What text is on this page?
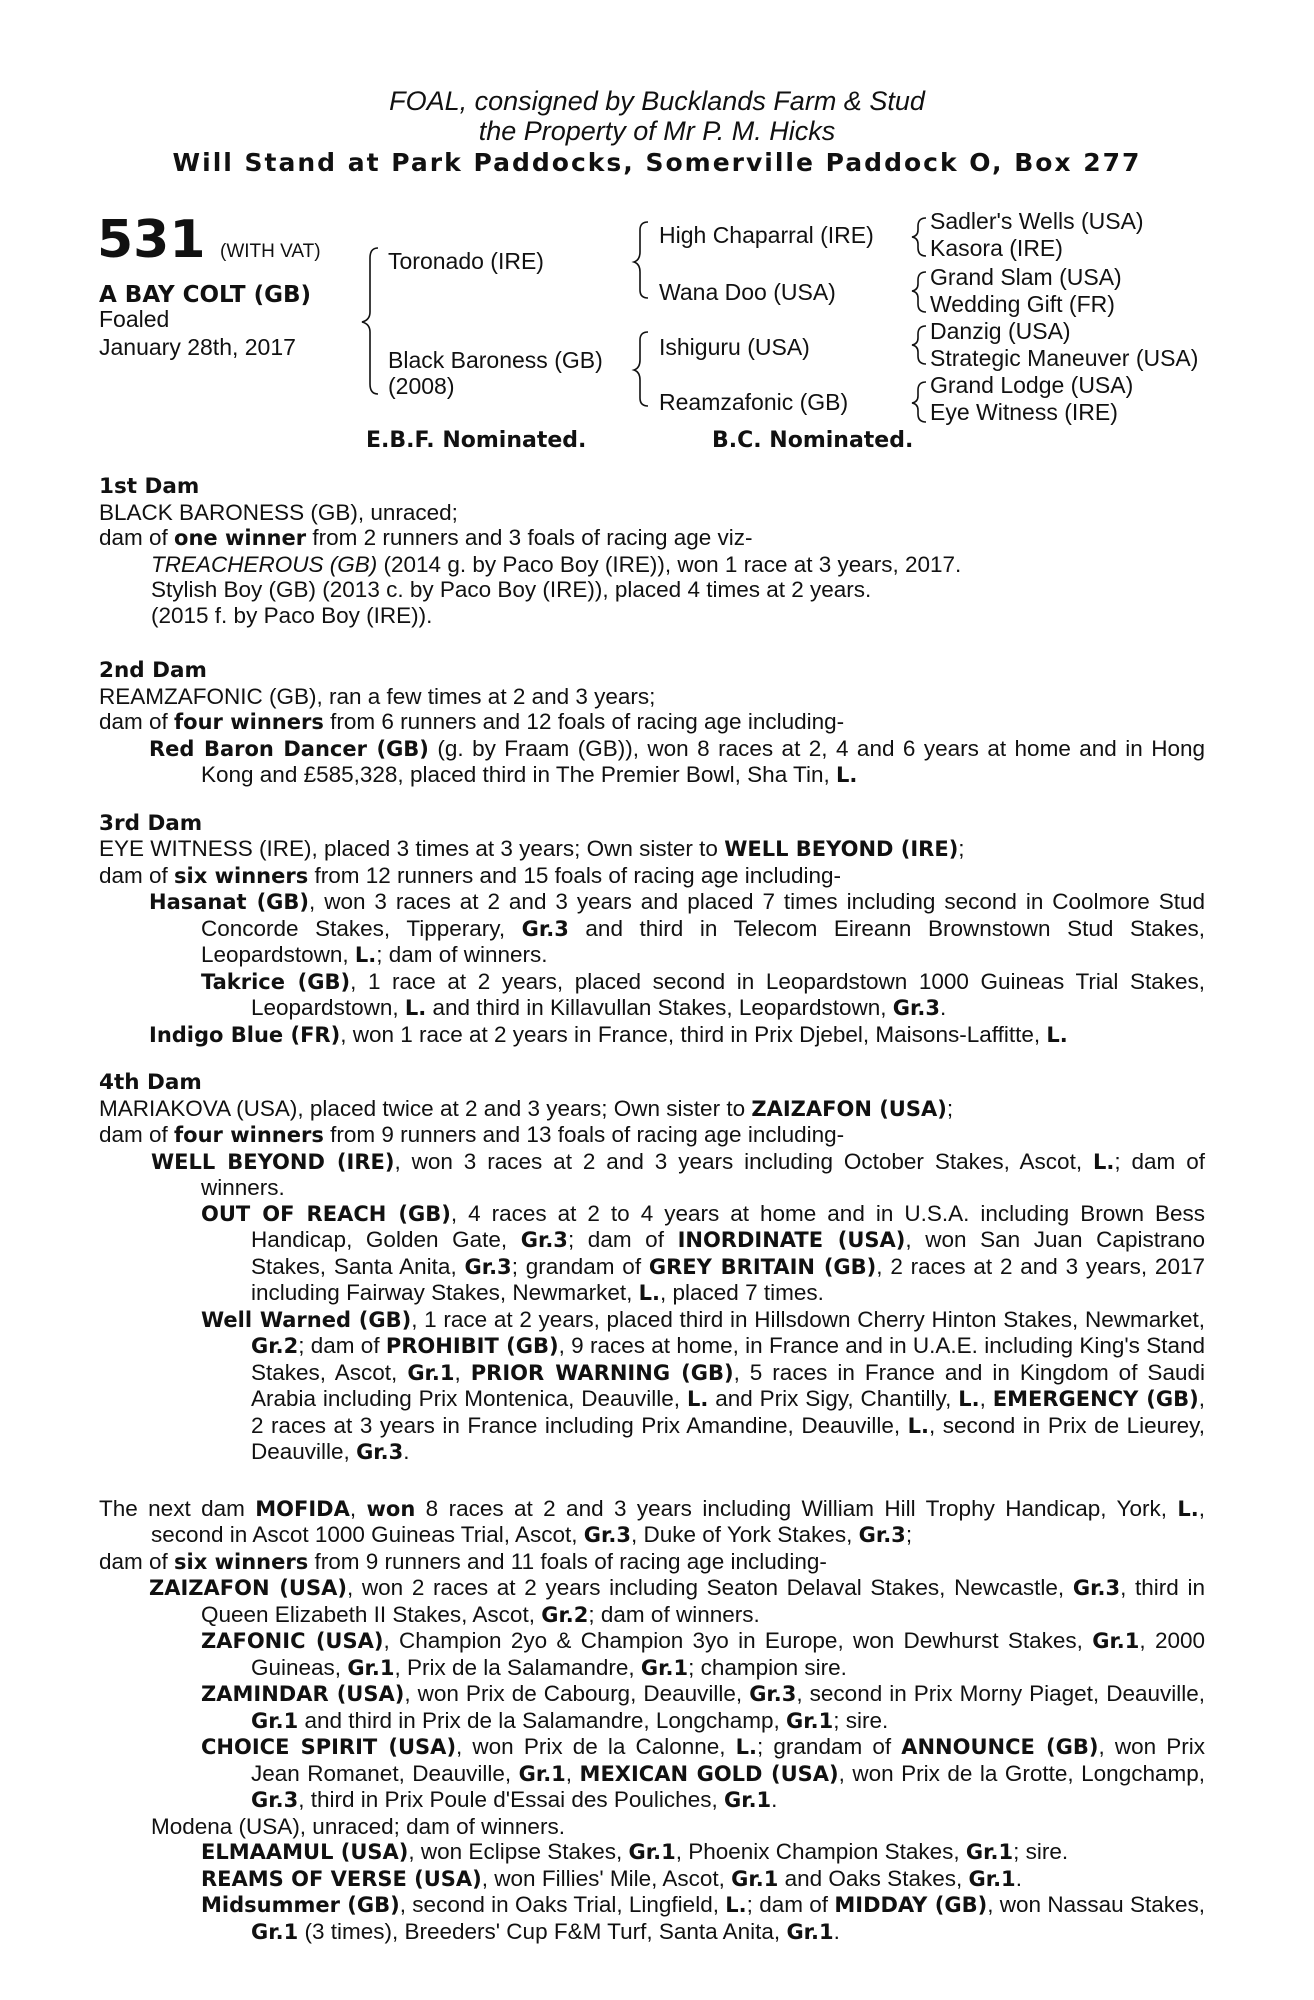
FOAL, consigned by Bucklands Farm & Stud
the Property of Mr P. M. Hicks
Will Stand at Park Paddocks, Somerville Paddock O, Box 277
531 (WITH VAT)
A BAY COLT (GB)
Foaled
January 28th, 2017
Toronado (IRE)
Black Baroness (GB)
(2008)
High Chaparral (IRE)
Wana Doo (USA)
Ishiguru (USA)
Reamzafonic (GB)
Sadler's Wells (USA)
Kasora (IRE)
Grand Slam (USA)
Wedding Gift (FR)
Danzig (USA)
Strategic Maneuver (USA)
Grand Lodge (USA)
Eye Witness (IRE)
E.B.F. Nominated.	B.C. Nominated.
1st Dam
BLACK BARONESS (GB), unraced;
dam of one winner from 2 runners and 3 foals of racing age viz-
TREACHEROUS (GB) (2014 g. by Paco Boy (IRE)), won 1 race at 3 years, 2017.
Stylish Boy (GB) (2013 c. by Paco Boy (IRE)), placed 4 times at 2 years.
(2015 f. by Paco Boy (IRE)).
2nd Dam
REAMZAFONIC (GB), ran a few times at 2 and 3 years;
dam of four winners from 6 runners and 12 foals of racing age including-
Red Baron Dancer (GB) (g. by Fraam (GB)), won 8 races at 2, 4 and 6 years at home and in Hong Kong and £585,328, placed third in The Premier Bowl, Sha Tin, L.
3rd Dam
EYE WITNESS (IRE), placed 3 times at 3 years; Own sister to WELL BEYOND (IRE);
dam of six winners from 12 runners and 15 foals of racing age including-
Hasanat (GB), won 3 races at 2 and 3 years and placed 7 times including second in Coolmore Stud Concorde Stakes, Tipperary, Gr.3 and third in Telecom Eireann Brownstown Stud Stakes, Leopardstown, L.; dam of winners.
Takrice (GB), 1 race at 2 years, placed second in Leopardstown 1000 Guineas Trial Stakes, Leopardstown, L. and third in Killavullan Stakes, Leopardstown, Gr.3.
Indigo Blue (FR), won 1 race at 2 years in France, third in Prix Djebel, Maisons-Laffitte, L.
4th Dam
MARIAKOVA (USA), placed twice at 2 and 3 years; Own sister to ZAIZAFON (USA);
dam of four winners from 9 runners and 13 foals of racing age including-
WELL BEYOND (IRE), won 3 races at 2 and 3 years including October Stakes, Ascot, L.; dam of winners.
OUT OF REACH (GB), 4 races at 2 to 4 years at home and in U.S.A. including Brown Bess Handicap, Golden Gate, Gr.3; dam of INORDINATE (USA), won San Juan Capistrano Stakes, Santa Anita, Gr.3; grandam of GREY BRITAIN (GB), 2 races at 2 and 3 years, 2017 including Fairway Stakes, Newmarket, L., placed 7 times.
Well Warned (GB), 1 race at 2 years, placed third in Hillsdown Cherry Hinton Stakes, Newmarket, Gr.2; dam of PROHIBIT (GB), 9 races at home, in France and in U.A.E. including King's Stand Stakes, Ascot, Gr.1, PRIOR WARNING (GB), 5 races in France and in Kingdom of Saudi Arabia including Prix Montenica, Deauville, L. and Prix Sigy, Chantilly, L., EMERGENCY (GB), 2 races at 3 years in France including Prix Amandine, Deauville, L., second in Prix de Lieurey, Deauville, Gr.3.
The next dam MOFIDA, won 8 races at 2 and 3 years including William Hill Trophy Handicap, York, L., second in Ascot 1000 Guineas Trial, Ascot, Gr.3, Duke of York Stakes, Gr.3;
dam of six winners from 9 runners and 11 foals of racing age including-
ZAIZAFON (USA), won 2 races at 2 years including Seaton Delaval Stakes, Newcastle, Gr.3, third in Queen Elizabeth II Stakes, Ascot, Gr.2; dam of winners.
ZAFONIC (USA), Champion 2yo & Champion 3yo in Europe, won Dewhurst Stakes, Gr.1, 2000 Guineas, Gr.1, Prix de la Salamandre, Gr.1; champion sire.
ZAMINDAR (USA), won Prix de Cabourg, Deauville, Gr.3, second in Prix Morny Piaget, Deauville, Gr.1 and third in Prix de la Salamandre, Longchamp, Gr.1; sire.
CHOICE SPIRIT (USA), won Prix de la Calonne, L.; grandam of ANNOUNCE (GB), won Prix Jean Romanet, Deauville, Gr.1, MEXICAN GOLD (USA), won Prix de la Grotte, Longchamp, Gr.3, third in Prix Poule d'Essai des Pouliches, Gr.1.
Modena (USA), unraced; dam of winners.
ELMAAMUL (USA), won Eclipse Stakes, Gr.1, Phoenix Champion Stakes, Gr.1; sire.
REAMS OF VERSE (USA), won Fillies' Mile, Ascot, Gr.1 and Oaks Stakes, Gr.1.
Midsummer (GB), second in Oaks Trial, Lingfield, L.; dam of MIDDAY (GB), won Nassau Stakes, Gr.1 (3 times), Breeders' Cup F&M Turf, Santa Anita, Gr.1.
